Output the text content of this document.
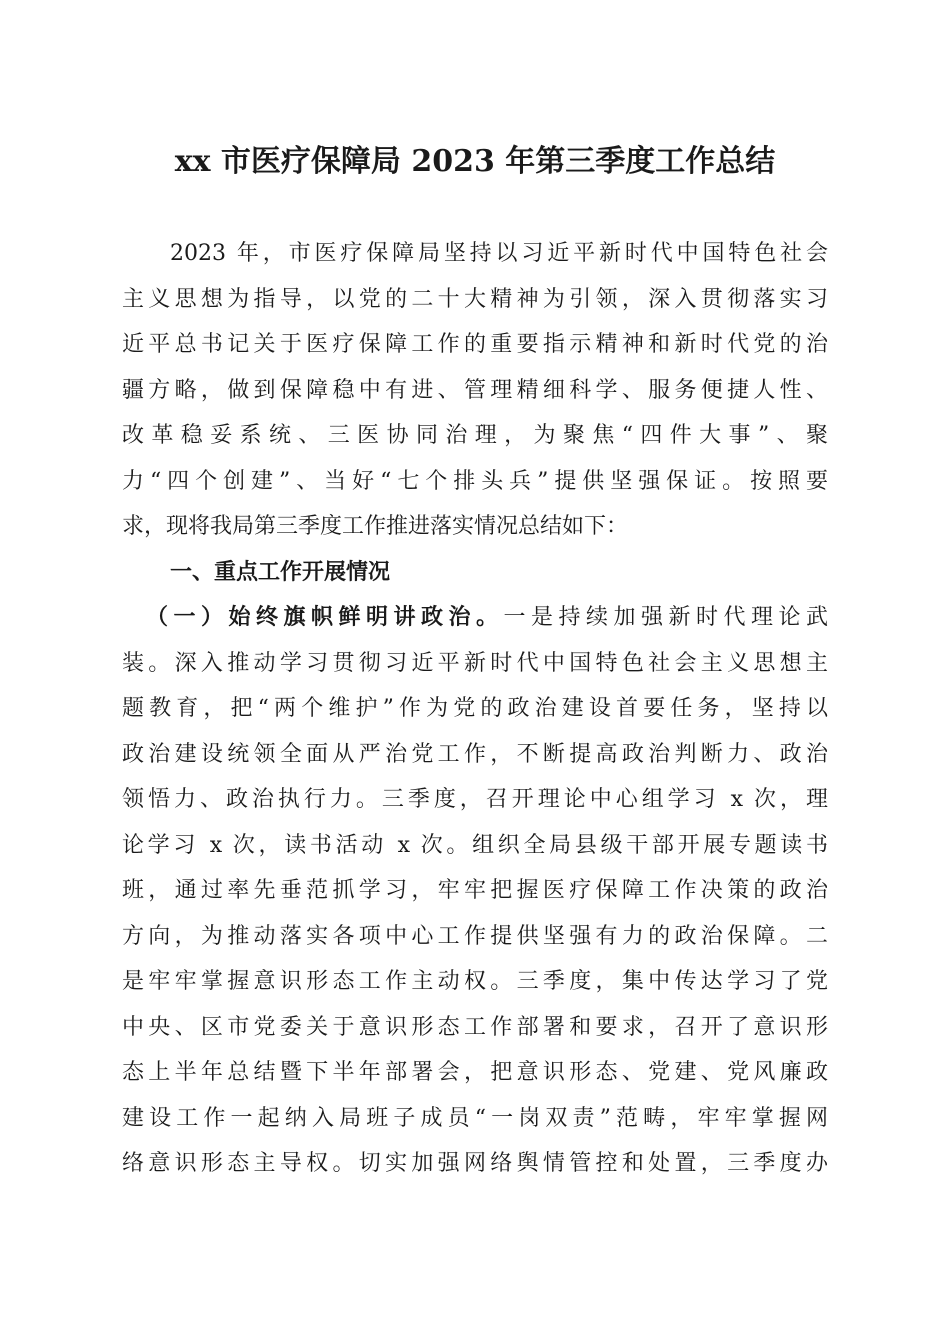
xx 市医疗保障局 2023 年第三季度工作总结
2023 年，市医疗保障局坚持以习近平新时代中国特色社会
主义思想为指导，以党的二十大精神为引领，深入贯彻落实习
近平总书记关于医疗保障工作的重要指示精神和新时代党的治
疆方略，做到保障稳中有进、管理精细科学、服务便捷人性、
改革稳妥系统、三医协同治理，为聚焦“四件大事”、聚
力“四个创建”、当好“七个排头兵”提供坚强保证。按照要
求，现将我局第三季度工作推进落实情况总结如下：
一、重点工作开展情况
（一）始终旗帜鲜明讲政治。一是持续加强新时代理论武
装。深入推动学习贯彻习近平新时代中国特色社会主义思想主
题教育，把“两个维护”作为党的政治建设首要任务，坚持以
政治建设统领全面从严治党工作，不断提高政治判断力、政治
领悟力、政治执行力。三季度，召开理论中心组学习 x 次，理
论学习 x 次，读书活动 x 次。组织全局县级干部开展专题读书
班，通过率先垂范抓学习，牢牢把握医疗保障工作决策的政治
方向，为推动落实各项中心工作提供坚强有力的政治保障。二
是牢牢掌握意识形态工作主动权。三季度，集中传达学习了党
中央、区市党委关于意识形态工作部署和要求，召开了意识形
态上半年总结暨下半年部署会，把意识形态、党建、党风廉政
建设工作一起纳入局班子成员“一岗双责”范畴，牢牢掌握网
络意识形态主导权。切实加强网络舆情管控和处置，三季度办
